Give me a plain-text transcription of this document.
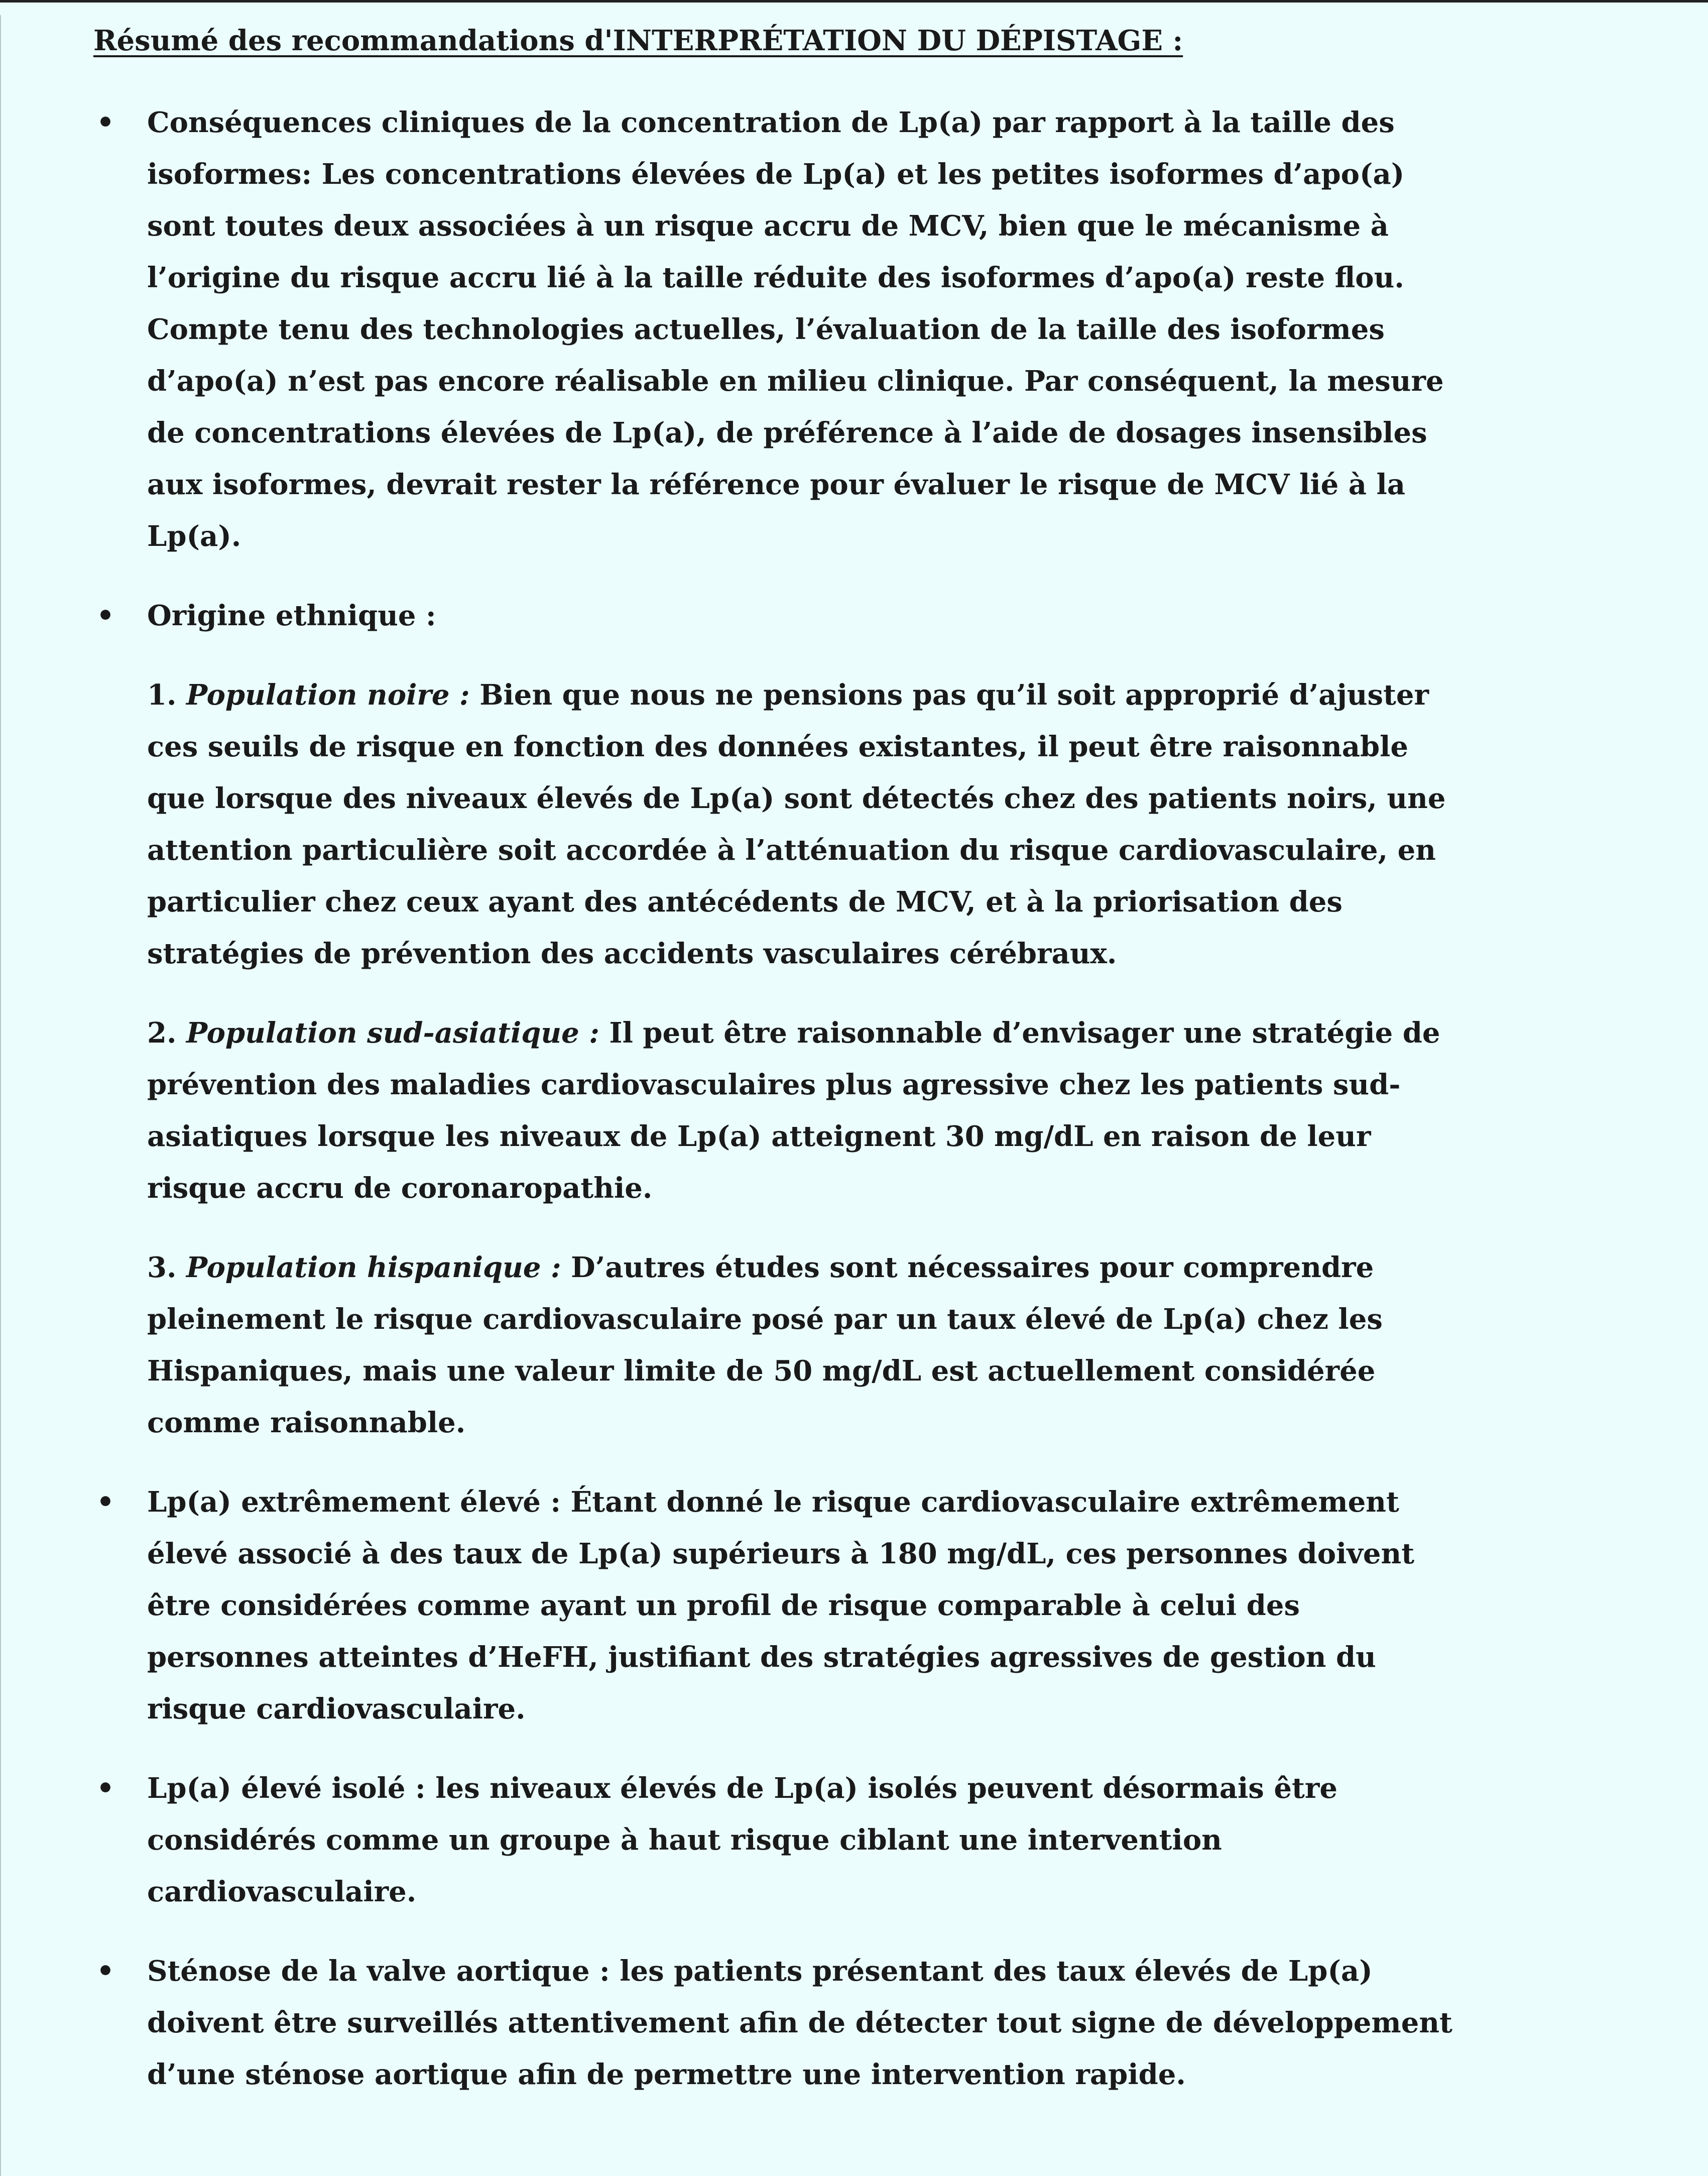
Résumé des recommandations d'INTERPRÉTATION DU DÉPISTAGE :
• Conséquences cliniques de la concentration de Lp(a) par rapport à la taille des isoformes: Les concentrations élevées de Lp(a) et les petites isoformes d’apo(a) sont toutes deux associées à un risque accru de MCV, bien que le mécanisme à l’origine du risque accru lié à la taille réduite des isoformes d’apo(a) reste flou. Compte tenu des technologies actuelles, l’évaluation de la taille des isoformes d’apo(a) n’est pas encore réalisable en milieu clinique. Par conséquent, la mesure de concentrations élevées de Lp(a), de préférence à l’aide de dosages insensibles aux isoformes, devrait rester la référence pour évaluer le risque de MCV lié à la Lp(a).
• Origine ethnique :
1. Population noire : Bien que nous ne pensions pas qu’il soit approprié d’ajuster ces seuils de risque en fonction des données existantes, il peut être raisonnable que lorsque des niveaux élevés de Lp(a) sont détectés chez des patients noirs, une attention particulière soit accordée à l’atténuation du risque cardiovasculaire, en particulier chez ceux ayant des antécédents de MCV, et à la priorisation des stratégies de prévention des accidents vasculaires cérébraux.
2. Population sud-asiatique : Il peut être raisonnable d’envisager une stratégie de prévention des maladies cardiovasculaires plus agressive chez les patients sud-asiatiques lorsque les niveaux de Lp(a) atteignent 30 mg/dL en raison de leur risque accru de coronaropathie.
3. Population hispanique : D’autres études sont nécessaires pour comprendre pleinement le risque cardiovasculaire posé par un taux élevé de Lp(a) chez les Hispaniques, mais une valeur limite de 50 mg/dL est actuellement considérée comme raisonnable.
• Lp(a) extrêmement élevé : Étant donné le risque cardiovasculaire extrêmement élevé associé à des taux de Lp(a) supérieurs à 180 mg/dL, ces personnes doivent être considérées comme ayant un profil de risque comparable à celui des personnes atteintes d’HeFH, justifiant des stratégies agressives de gestion du risque cardiovasculaire.
• Lp(a) élevé isolé : les niveaux élevés de Lp(a) isolés peuvent désormais être considérés comme un groupe à haut risque ciblant une intervention cardiovasculaire.
• Sténose de la valve aortique : les patients présentant des taux élevés de Lp(a) doivent être surveillés attentivement afin de détecter tout signe de développement d’une sténose aortique afin de permettre une intervention rapide.
